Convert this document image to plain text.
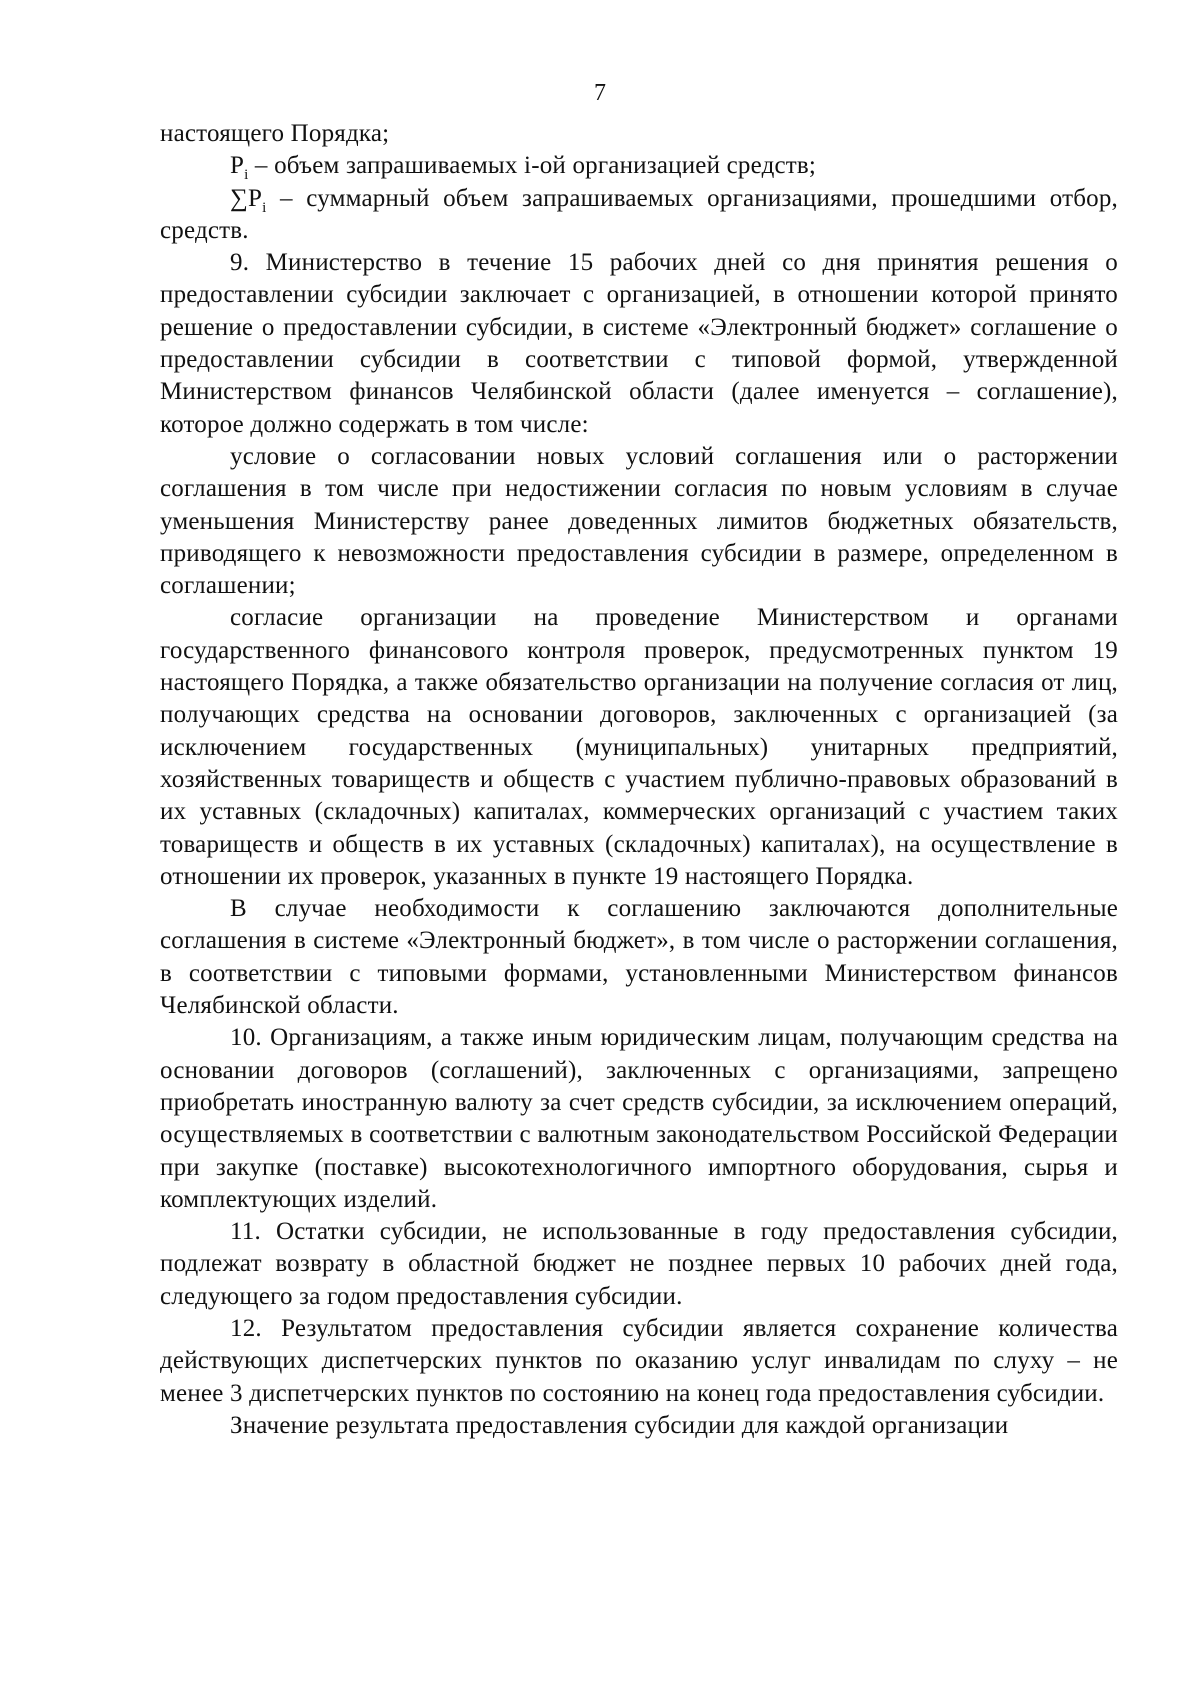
7

настоящего Порядка;

$P_i$ – объем запрашиваемых i-ой организацией средств;

$\sum P_i$ – суммарный объем запрашиваемых организациями, прошедшими отбор, средств.

9. Министерство в течение 15 рабочих дней со дня принятия решения о предоставлении субсидии заключает с организацией, в отношении которой принято решение о предоставлении субсидии, в системе «Электронный бюджет» соглашение о предоставлении субсидии в соответствии с типовой формой, утвержденной Министерством финансов Челябинской области (далее именуется – соглашение), которое должно содержать в том числе:

условие о согласовании новых условий соглашения или о расторжении соглашения в том числе при недостижении согласия по новым условиям в случае уменьшения Министерству ранее доведенных лимитов бюджетных обязательств, приводящего к невозможности предоставления субсидии в размере, определенном в соглашении;

согласие организации на проведение Министерством и органами государственного финансового контроля проверок, предусмотренных пунктом 19 настоящего Порядка, а также обязательство организации на получение согласия от лиц, получающих средства на основании договоров, заключенных с организацией (за исключением государственных (муниципальных) унитарных предприятий, хозяйственных товариществ и обществ с участием публично-правовых образований в их уставных (складочных) капиталах, коммерческих организаций с участием таких товариществ и обществ в их уставных (складочных) капиталах), на осуществление в отношении их проверок, указанных в пункте 19 настоящего Порядка.

В случае необходимости к соглашению заключаются дополнительные соглашения в системе «Электронный бюджет», в том числе о расторжении соглашения, в соответствии с типовыми формами, установленными Министерством финансов Челябинской области.

10. Организациям, а также иным юридическим лицам, получающим средства на основании договоров (соглашений), заключенных с организациями, запрещено приобретать иностранную валюту за счет средств субсидии, за исключением операций, осуществляемых в соответствии с валютным законодательством Российской Федерации при закупке (поставке) высокотехнологичного импортного оборудования, сырья и комплектующих изделий.

11. Остатки субсидии, не использованные в году предоставления субсидии, подлежат возврату в областной бюджет не позднее первых 10 рабочих дней года, следующего за годом предоставления субсидии.

12. Результатом предоставления субсидии является сохранение количества действующих диспетчерских пунктов по оказанию услуг инвалидам по слуху – не менее 3 диспетчерских пунктов по состоянию на конец года предоставления субсидии.

Значение результата предоставления субсидии для каждой организации
